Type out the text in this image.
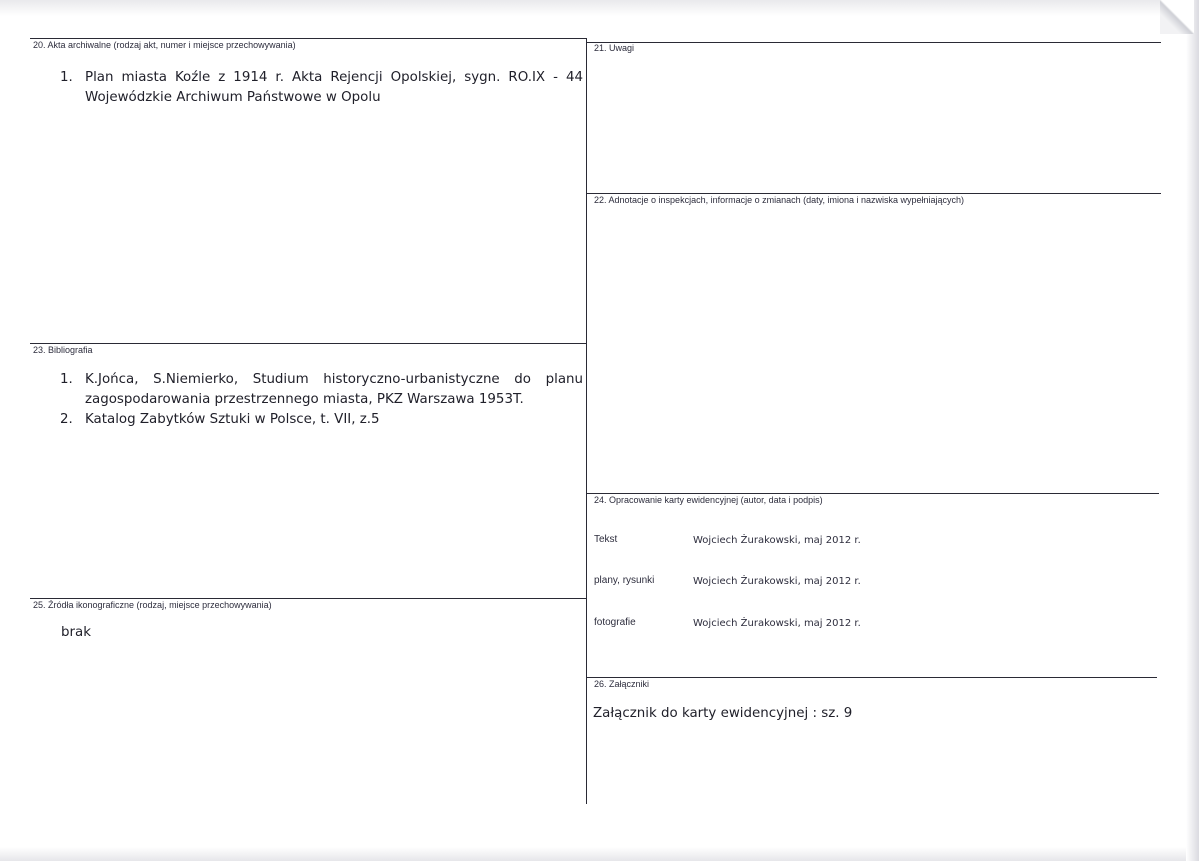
20. Akta archiwalne (rodzaj akt, numer i miejsce przechowywania)
1. Plan miasta Koźle z 1914 r. Akta Rejencji Opolskiej, sygn. RO.IX - 44 Wojewódzkie Archiwum Państwowe w Opolu
21. Uwagi
22. Adnotacje o inspekcjach, informacje o zmianach (daty, imiona i nazwiska wypełniających)
23. Bibliografia
1. K.Jońca, S.Niemierko, Studium historyczno-urbanistyczne do planu zagospodarowania przestrzennego miasta, PKZ Warszawa 1953T.
2. Katalog Zabytków Sztuki w Polsce, t. VII, z.5
24. Opracowanie karty ewidencyjnej (autor, data i podpis)
Tekst	Wojciech Żurakowski, maj 2012 r.
plany, rysunki	Wojciech Żurakowski, maj 2012 r.
fotografie	Wojciech Żurakowski, maj 2012 r.
25. Źródła ikonograficzne (rodzaj, miejsce przechowywania)
brak
26. Załączniki
Załącznik do karty ewidencyjnej : sz. 9
